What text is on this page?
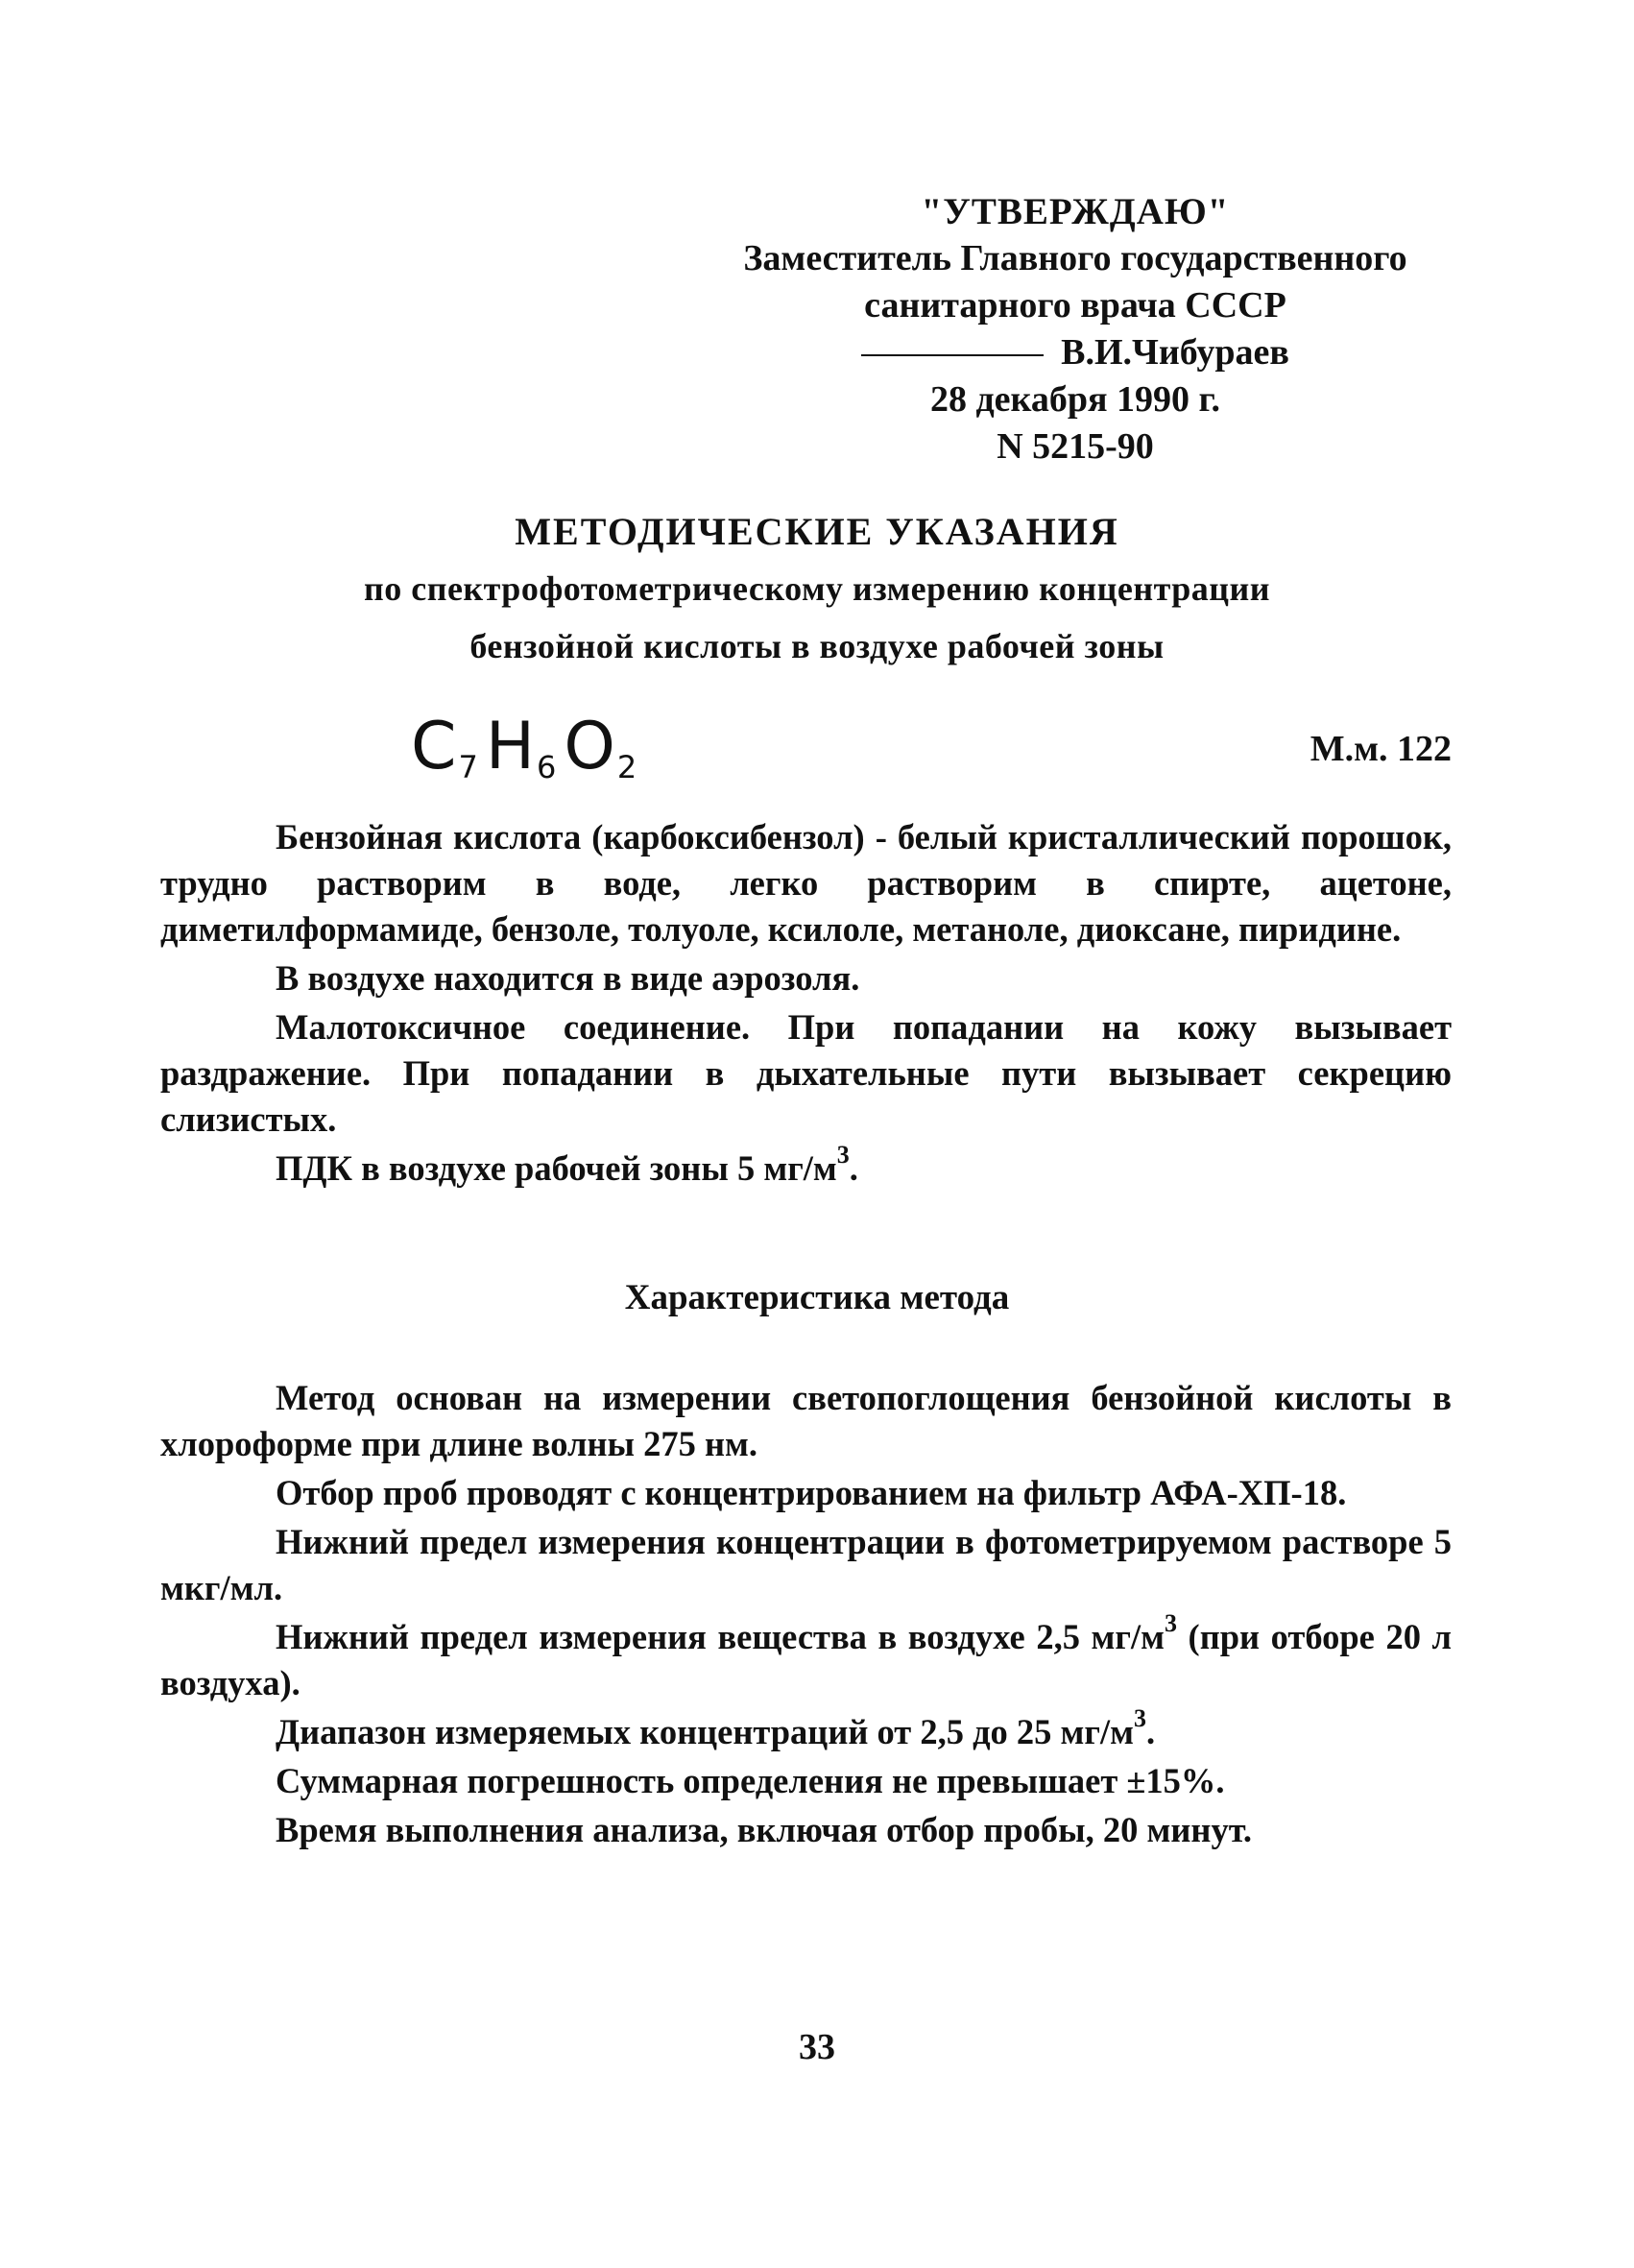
"УТВЕРЖДАЮ"
Заместитель Главного государственного
санитарного врача СССР
В.И.Чибураев
28 декабря 1990 г.
N 5215-90
МЕТОДИЧЕСКИЕ УКАЗАНИЯ
по спектрофотометрическому измерению концентрации
бензойной кислоты в воздухе рабочей зоны
$C_7H_6O_2$	М.м. 122

Бензойная кислота (карбоксибензол) - белый кристаллический порошок, трудно растворим в воде, легко растворим в спирте, ацетоне, диметилформамиде, бензоле, толуоле, ксилоле, метаноле, диоксане, пиридине.

В воздухе находится в виде аэрозоля.

Малотоксичное соединение. При попадании на кожу вызывает раздражение. При попадании в дыхательные пути вызывает секрецию слизистых.

ПДК в воздухе рабочей зоны 5 $мг/м^3$.

Характеристика метода

Метод основан на измерении светопоглощения бензойной кислоты в хлороформе при длине волны 275 нм.

Отбор проб проводят с концентрированием на фильтр АФА-ХП-18.

Нижний предел измерения концентрации в фотометрируемом растворе 5 мкг/мл.

Нижний предел измерения вещества в воздухе 2,5 $мг/м^3$ (при отборе 20 л воздуха).

Диапазон измеряемых концентраций от 2,5 до 25 $мг/м^3$.

Суммарная погрешность определения не превышает ±15%.

Время выполнения анализа, включая отбор пробы, 20 минут.

33
